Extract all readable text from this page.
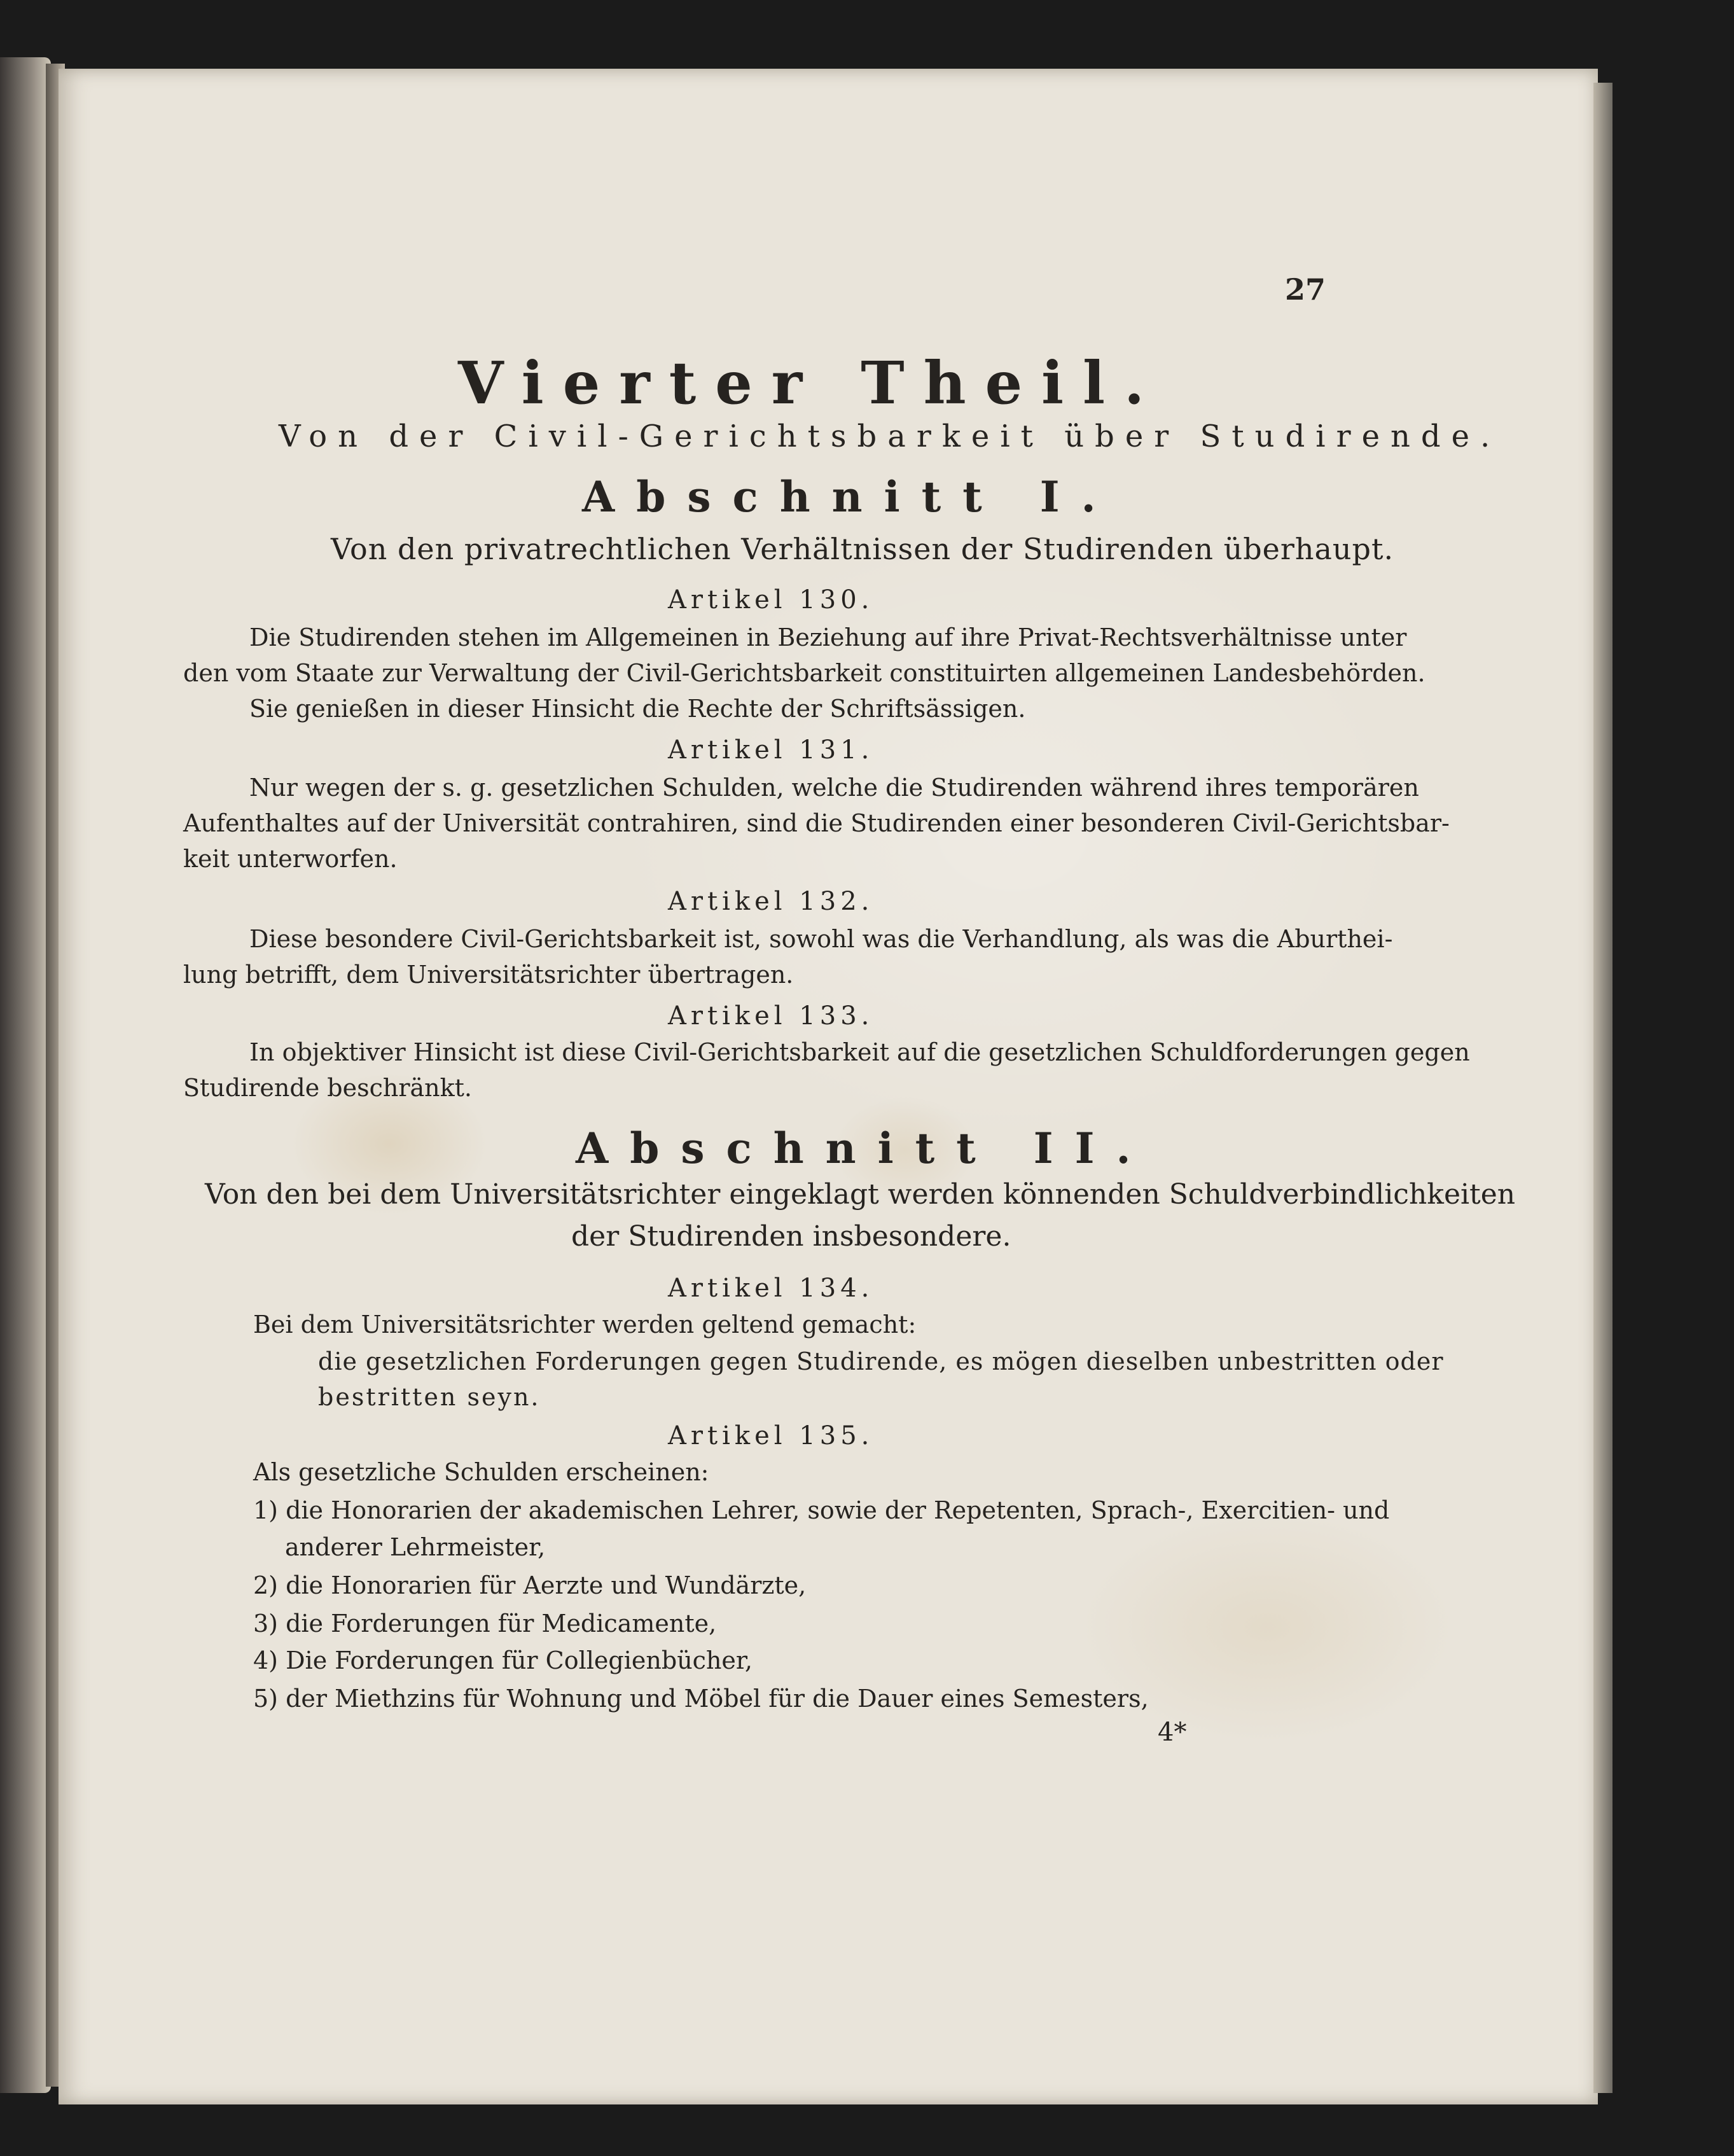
27
Vierter Theil.
Von der Civil-Gerichtsbarkeit über Studirende.
Abschnitt I.
Von den privatrechtlichen Verhältnissen der Studirenden überhaupt.
Artikel 130.
Die Studirenden stehen im Allgemeinen in Beziehung auf ihre Privat-Rechtsverhältnisse unter
den vom Staate zur Verwaltung der Civil-Gerichtsbarkeit constituirten allgemeinen Landesbehörden.
Sie genießen in dieser Hinsicht die Rechte der Schriftsässigen.
Artikel 131.
Nur wegen der s. g. gesetzlichen Schulden, welche die Studirenden während ihres temporären
Aufenthaltes auf der Universität contrahiren, sind die Studirenden einer besonderen Civil-Gerichtsbar-
keit unterworfen.
Artikel 132.
Diese besondere Civil-Gerichtsbarkeit ist, sowohl was die Verhandlung, als was die Aburthei-
lung betrifft, dem Universitätsrichter übertragen.
Artikel 133.
In objektiver Hinsicht ist diese Civil-Gerichtsbarkeit auf die gesetzlichen Schuldforderungen gegen
Studirende beschränkt.
Abschnitt II.
Von den bei dem Universitätsrichter eingeklagt werden könnenden Schuldverbindlichkeiten
der Studirenden insbesondere.
Artikel 134.
Bei dem Universitätsrichter werden geltend gemacht:
die gesetzlichen Forderungen gegen Studirende, es mögen dieselben unbestritten oder
bestritten seyn.
Artikel 135.
Als gesetzliche Schulden erscheinen:
1) die Honorarien der akademischen Lehrer, sowie der Repetenten, Sprach-, Exercitien- und
anderer Lehrmeister,
2) die Honorarien für Aerzte und Wundärzte,
3) die Forderungen für Medicamente,
4) Die Forderungen für Collegienbücher,
5) der Miethzins für Wohnung und Möbel für die Dauer eines Semesters,
4*
